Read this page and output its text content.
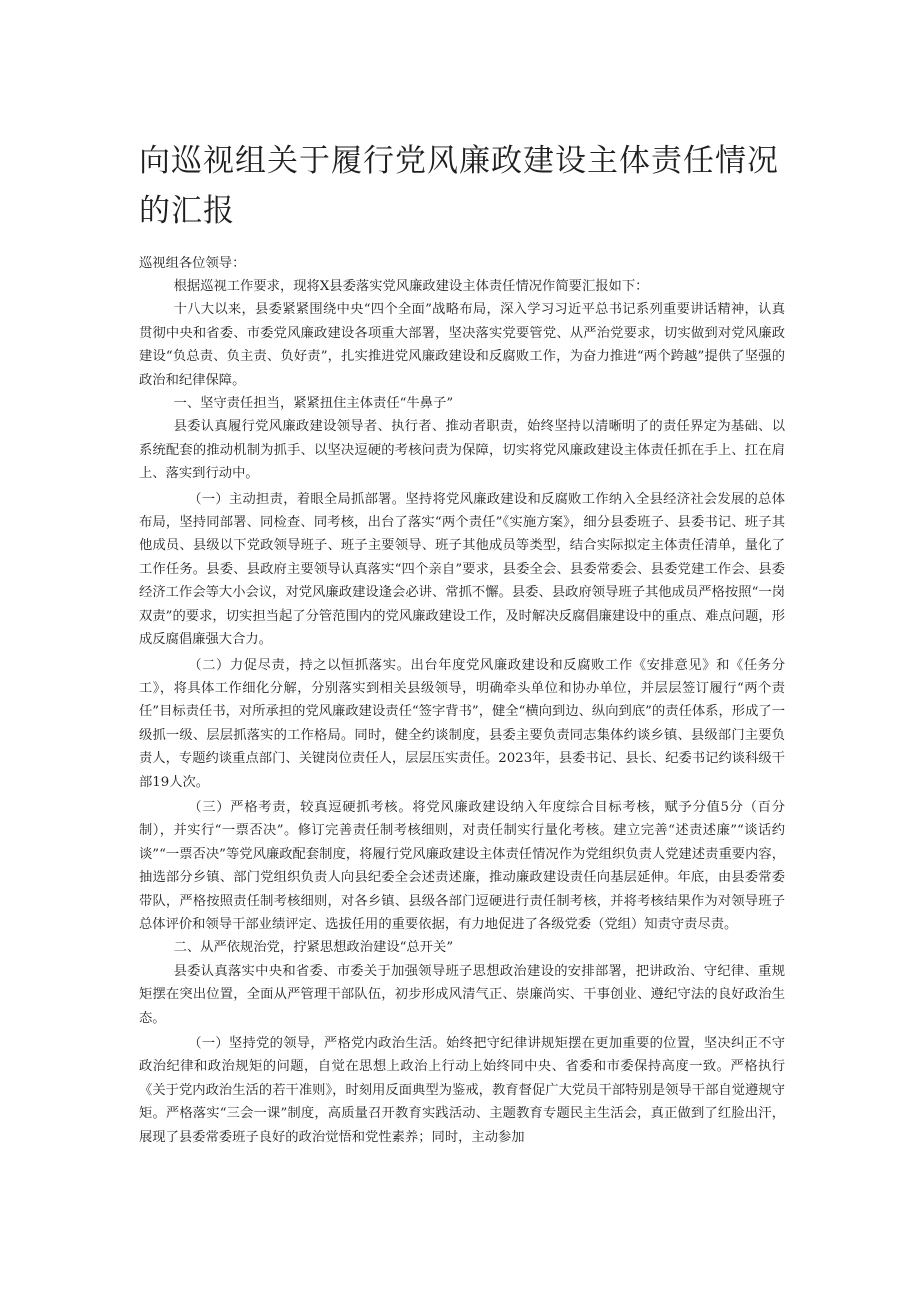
向巡视组关于履行党风廉政建设主体责任情况的汇报

巡视组各位领导：

根据巡视工作要求，现将X县委落实党风廉政建设主体责任情况作简要汇报如下：

十八大以来，县委紧紧围绕中央“四个全面”战略布局，深入学习习近平总书记系列重要讲话精神，认真贯彻中央和省委、市委党风廉政建设各项重大部署，坚决落实党要管党、从严治党要求，切实做到对党风廉政建设“负总责、负主责、负好责”，扎实推进党风廉政建设和反腐败工作，为奋力推进“两个跨越”提供了坚强的政治和纪律保障。

一、坚守责任担当，紧紧扭住主体责任“牛鼻子”

县委认真履行党风廉政建设领导者、执行者、推动者职责，始终坚持以清晰明了的责任界定为基础、以系统配套的推动机制为抓手、以坚决逗硬的考核问责为保障，切实将党风廉政建设主体责任抓在手上、扛在肩上、落实到行动中。

（一）主动担责，着眼全局抓部署。坚持将党风廉政建设和反腐败工作纳入全县经济社会发展的总体布局，坚持同部署、同检查、同考核，出台了落实“两个责任”《实施方案》，细分县委班子、县委书记、班子其他成员、县级以下党政领导班子、班子主要领导、班子其他成员等类型，结合实际拟定主体责任清单，量化了工作任务。县委、县政府主要领导认真落实“四个亲自”要求，县委全会、县委常委会、县委党建工作会、县委经济工作会等大小会议，对党风廉政建设逢会必讲、常抓不懈。县委、县政府领导班子其他成员严格按照“一岗双责”的要求，切实担当起了分管范围内的党风廉政建设工作，及时解决反腐倡廉建设中的重点、难点问题，形成反腐倡廉强大合力。

（二）力促尽责，持之以恒抓落实。出台年度党风廉政建设和反腐败工作《安排意见》和《任务分工》，将具体工作细化分解，分别落实到相关县级领导，明确牵头单位和协办单位，并层层签订履行“两个责任”目标责任书，对所承担的党风廉政建设责任“签字背书”，健全“横向到边、纵向到底”的责任体系，形成了一级抓一级、层层抓落实的工作格局。同时，健全约谈制度，县委主要负责同志集体约谈乡镇、县级部门主要负责人，专题约谈重点部门、关键岗位责任人，层层压实责任。2023年，县委书记、县长、纪委书记约谈科级干部19人次。

（三）严格考责，较真逗硬抓考核。将党风廉政建设纳入年度综合目标考核，赋予分值5分（百分制），并实行“一票否决”。修订完善责任制考核细则，对责任制实行量化考核。建立完善“述责述廉”“谈话约谈”“一票否决”等党风廉政配套制度，将履行党风廉政建设主体责任情况作为党组织负责人党建述责重要内容，抽选部分乡镇、部门党组织负责人向县纪委全会述责述廉，推动廉政建设责任向基层延伸。年底，由县委常委带队，严格按照责任制考核细则，对各乡镇、县级各部门逗硬进行责任制考核，并将考核结果作为对领导班子总体评价和领导干部业绩评定、选拔任用的重要依据，有力地促进了各级党委（党组）知责守责尽责。

二、从严依规治党，拧紧思想政治建设“总开关”

县委认真落实中央和省委、市委关于加强领导班子思想政治建设的安排部署，把讲政治、守纪律、重规矩摆在突出位置，全面从严管理干部队伍，初步形成风清气正、崇廉尚实、干事创业、遵纪守法的良好政治生态。

（一）坚持党的领导，严格党内政治生活。始终把守纪律讲规矩摆在更加重要的位置，坚决纠正不守政治纪律和政治规矩的问题，自觉在思想上政治上行动上始终同中央、省委和市委保持高度一致。严格执行《关于党内政治生活的若干准则》，时刻用反面典型为鉴戒，教育督促广大党员干部特别是领导干部自觉遵规守矩。严格落实“三会一课”制度，高质量召开教育实践活动、主题教育专题民主生活会，真正做到了红脸出汗，展现了县委常委班子良好的政治觉悟和党性素养；同时，主动参加
